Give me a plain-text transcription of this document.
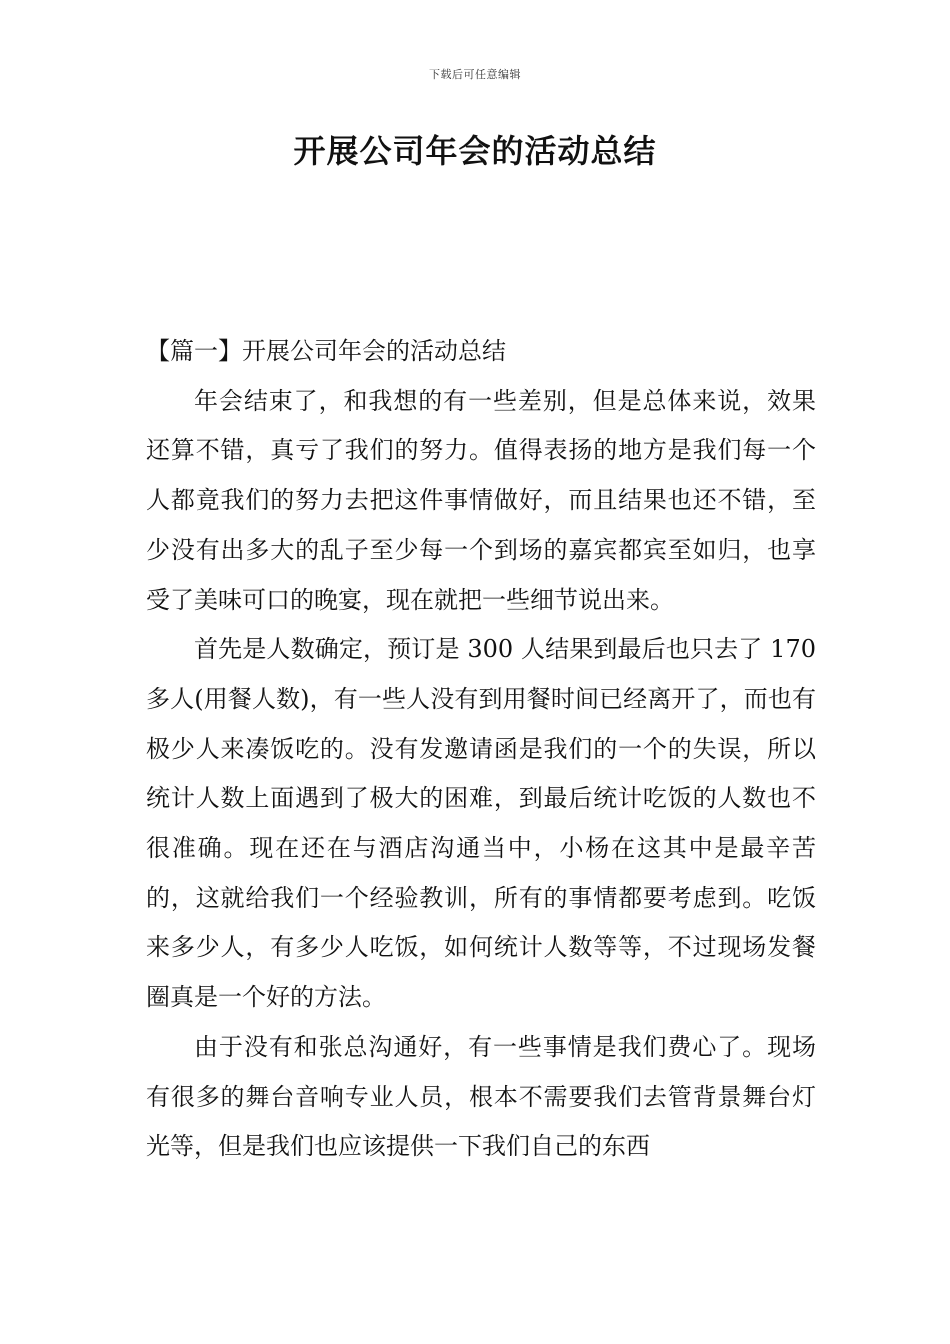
下载后可任意编辑
开展公司年会的活动总结

【篇一】开展公司年会的活动总结

年会结束了，和我想的有一些差别，但是总体来说，效果还算不错，真亏了我们的努力。值得表扬的地方是我们每一个人都竟我们的努力去把这件事情做好，而且结果也还不错，至少没有出多大的乱子至少每一个到场的嘉宾都宾至如归，也享受了美味可口的晚宴，现在就把一些细节说出来。

首先是人数确定，预订是 300 人结果到最后也只去了 170 多人(用餐人数)，有一些人没有到用餐时间已经离开了，而也有极少人来凑饭吃的。没有发邀请函是我们的一个的失误，所以统计人数上面遇到了极大的困难，到最后统计吃饭的人数也不很准确。现在还在与酒店沟通当中，小杨在这其中是最辛苦的，这就给我们一个经验教训，所有的事情都要考虑到。吃饭来多少人，有多少人吃饭，如何统计人数等等，不过现场发餐圈真是一个好的方法。

由于没有和张总沟通好，有一些事情是我们费心了。现场有很多的舞台音响专业人员，根本不需要我们去管背景舞台灯光等，但是我们也应该提供一下我们自己的东西
